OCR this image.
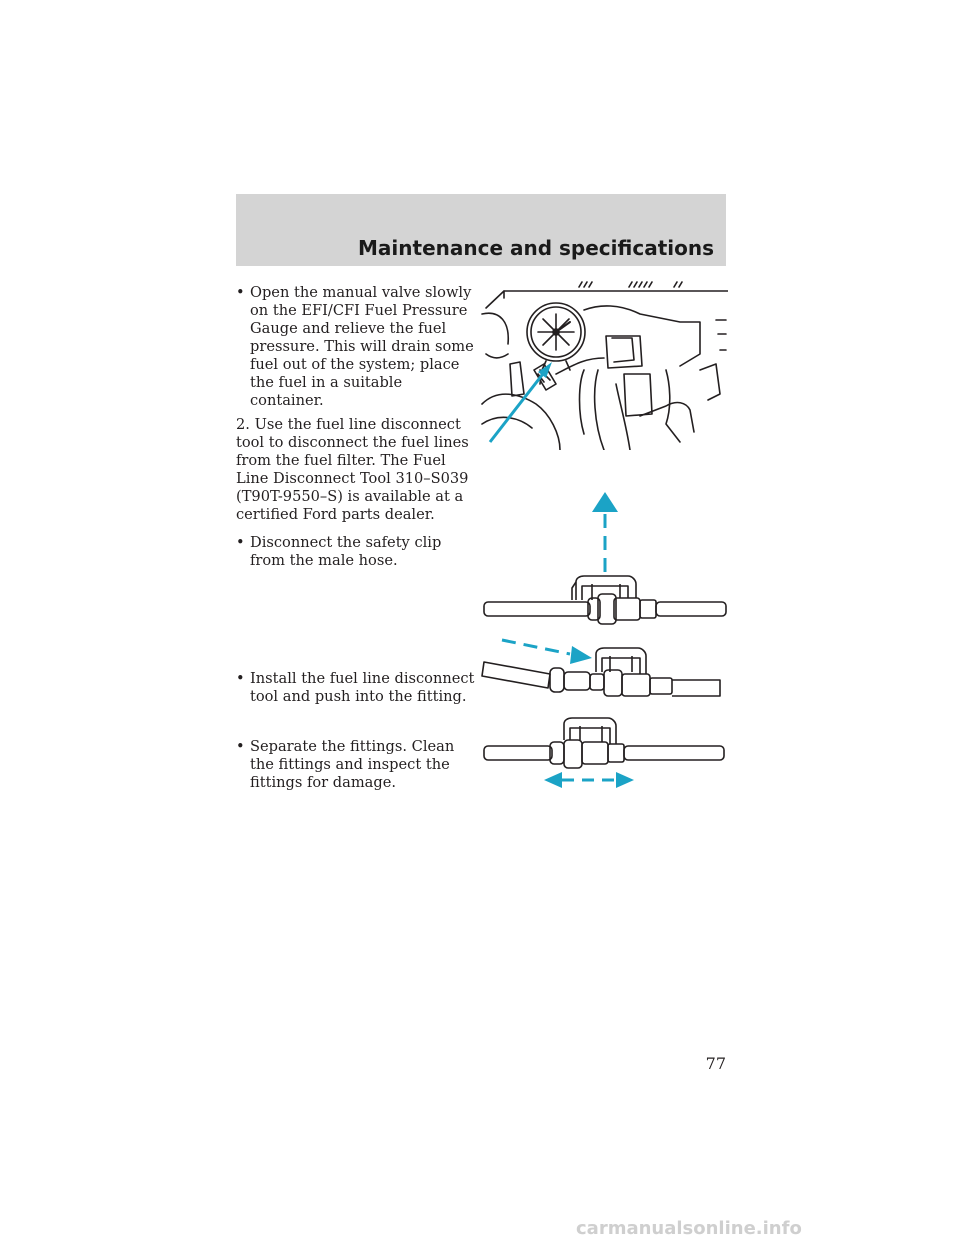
Maintenance and specifications

• Open the manual valve slowly on the EFI/CFI Fuel Pressure Gauge and relieve the fuel pressure. This will drain some fuel out of the system; place the fuel in a suitable container.

2. Use the fuel line disconnect tool to disconnect the fuel lines from the fuel filter. The Fuel Line Disconnect Tool 310–S039 (T90T-9550–S) is available at a certified Ford parts dealer.

• Disconnect the safety clip from the male hose.

• Install the fuel line disconnect tool and push into the fitting.

• Separate the fittings. Clean the fittings and inspect the fittings for damage.

77
carmanualsonline.info
